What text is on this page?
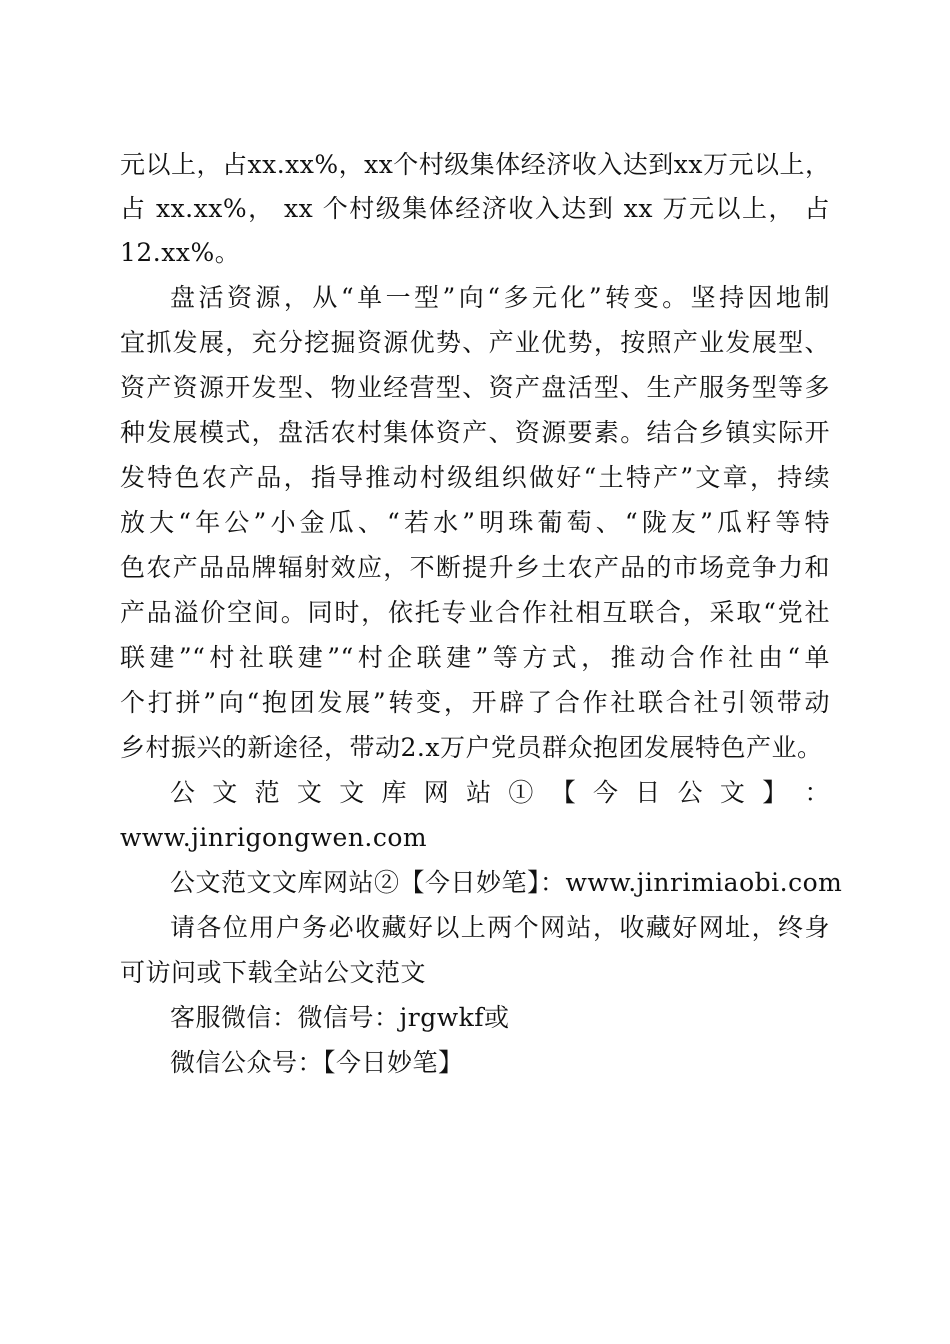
元以上，占xx.xx%，xx个村级集体经济收入达到xx万元以上，
占 xx.xx%， xx 个村级集体经济收入达到 xx 万元以上， 占
12.xx%。
盘活资源，从“单一型”向“多元化”转变。坚持因地制
宜抓发展，充分挖掘资源优势、产业优势，按照产业发展型、
资产资源开发型、物业经营型、资产盘活型、生产服务型等多
种发展模式，盘活农村集体资产、资源要素。结合乡镇实际开
发特色农产品，指导推动村级组织做好“土特产”文章，持续
放大“年公”小金瓜、“若水”明珠葡萄、“陇友”瓜籽等特
色农产品品牌辐射效应，不断提升乡土农产品的市场竞争力和
产品溢价空间。同时，依托专业合作社相互联合，采取“党社
联建”“村社联建”“村企联建”等方式，推动合作社由“单
个打拼”向“抱团发展”转变，开辟了合作社联合社引领带动
乡村振兴的新途径，带动2.x万户党员群众抱团发展特色产业。
公 文 范 文 文 库 网 站 ① 【 今 日 公 文 】 ：
www.jinrigongwen.com
公文范文文库网站②【今日妙笔】：www.jinrimiaobi.com
请各位用户务必收藏好以上两个网站，收藏好网址，终身
可访问或下载全站公文范文
客服微信：微信号：jrgwkf或
微信公众号：【今日妙笔】
